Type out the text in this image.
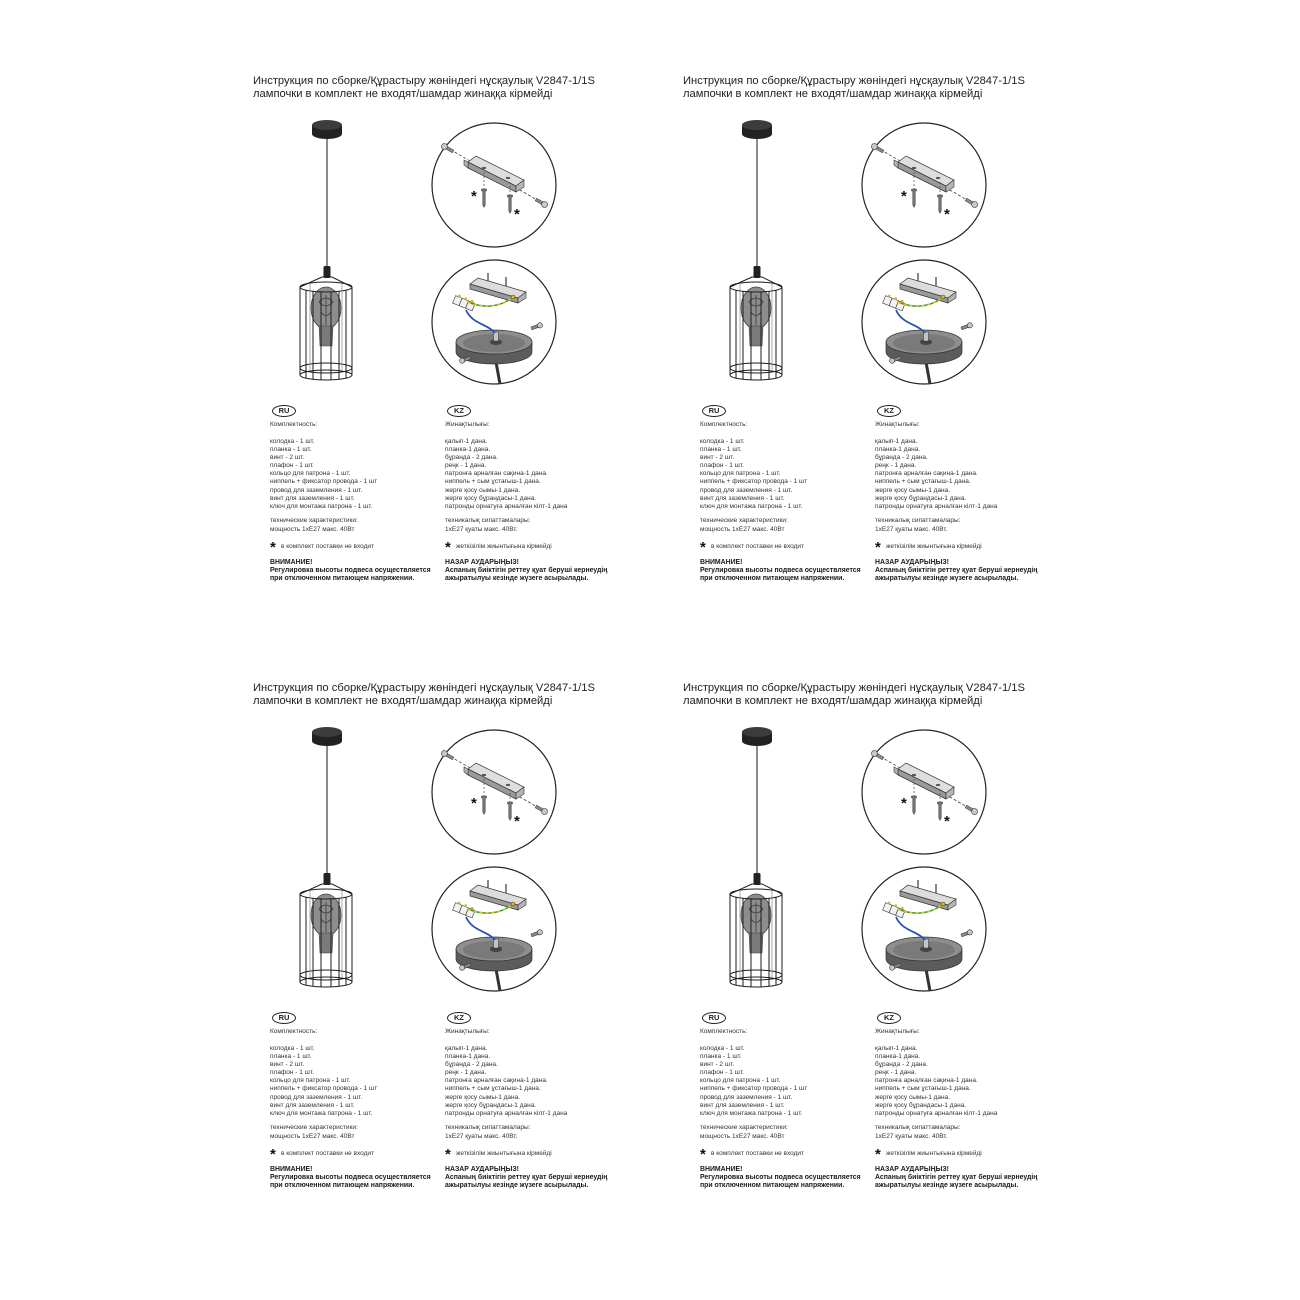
Инструкция по сборке/Құрастыру жөніндегі нұсқаулық V2847-1/1S
лампочки в комплект не входят/шамдар жинаққа кірмейді
*
*
RU
Комплектность:
колодка - 1 шт.
планка - 1 шт.
винт - 2 шт.
плафон - 1 шт.
кольцо для патрона - 1 шт.
ниппель + фиксатор провода - 1 шт
провод для заземления - 1 шт.
винт для заземления - 1 шт.
ключ для монтажа патрона - 1 шт.
технические характеристики:
мощность 1хЕ27 макс. 40Вт
* в комплект поставки не входит
ВНИМАНИЕ!
Регулировка высоты подвеса осуществляется
при отключенном питающем напряжении.
KZ
Жинақтылығы:
қалып-1 дана.
планка-1 дана.
бұранда - 2 дана.
реңк - 1 дана.
патронға арналған сақина-1 дана.
ниппель + сым ұстағыш-1 дана.
жерге қосу сымы-1 дана.
жерге қосу бұрандасы-1 дана.
патронды орнатуға арналған кілт-1 дана
техникалық сипаттамалары:
1хЕ27 қуаты макс. 40Вт.
* жеткізілім жиынтығына кірмейді
НАЗАР АУДАРЫҢЫЗ!
Аспаның биіктігін реттеу қуат беруші кернеудің
ажыратылуы кезінде жүзеге асырылады.
Инструкция по сборке/Құрастыру жөніндегі нұсқаулық V2847-1/1S
лампочки в комплект не входят/шамдар жинаққа кірмейді
*
*
RU
Комплектность:
колодка - 1 шт.
планка - 1 шт.
винт - 2 шт.
плафон - 1 шт.
кольцо для патрона - 1 шт.
ниппель + фиксатор провода - 1 шт
провод для заземления - 1 шт.
винт для заземления - 1 шт.
ключ для монтажа патрона - 1 шт.
технические характеристики:
мощность 1хЕ27 макс. 40Вт
* в комплект поставки не входит
ВНИМАНИЕ!
Регулировка высоты подвеса осуществляется
при отключенном питающем напряжении.
KZ
Жинақтылығы:
қалып-1 дана.
планка-1 дана.
бұранда - 2 дана.
реңк - 1 дана.
патронға арналған сақина-1 дана.
ниппель + сым ұстағыш-1 дана.
жерге қосу сымы-1 дана.
жерге қосу бұрандасы-1 дана.
патронды орнатуға арналған кілт-1 дана
техникалық сипаттамалары:
1хЕ27 қуаты макс. 40Вт.
* жеткізілім жиынтығына кірмейді
НАЗАР АУДАРЫҢЫЗ!
Аспаның биіктігін реттеу қуат беруші кернеудің
ажыратылуы кезінде жүзеге асырылады.
Инструкция по сборке/Құрастыру жөніндегі нұсқаулық V2847-1/1S
лампочки в комплект не входят/шамдар жинаққа кірмейді
*
*
RU
Комплектность:
колодка - 1 шт.
планка - 1 шт.
винт - 2 шт.
плафон - 1 шт.
кольцо для патрона - 1 шт.
ниппель + фиксатор провода - 1 шт
провод для заземления - 1 шт.
винт для заземления - 1 шт.
ключ для монтажа патрона - 1 шт.
технические характеристики:
мощность 1хЕ27 макс. 40Вт
* в комплект поставки не входит
ВНИМАНИЕ!
Регулировка высоты подвеса осуществляется
при отключенном питающем напряжении.
KZ
Жинақтылығы:
қалып-1 дана.
планка-1 дана.
бұранда - 2 дана.
реңк - 1 дана.
патронға арналған сақина-1 дана.
ниппель + сым ұстағыш-1 дана.
жерге қосу сымы-1 дана.
жерге қосу бұрандасы-1 дана.
патронды орнатуға арналған кілт-1 дана
техникалық сипаттамалары:
1хЕ27 қуаты макс. 40Вт.
* жеткізілім жиынтығына кірмейді
НАЗАР АУДАРЫҢЫЗ!
Аспаның биіктігін реттеу қуат беруші кернеудің
ажыратылуы кезінде жүзеге асырылады.
Инструкция по сборке/Құрастыру жөніндегі нұсқаулық V2847-1/1S
лампочки в комплект не входят/шамдар жинаққа кірмейді
*
*
RU
Комплектность:
колодка - 1 шт.
планка - 1 шт.
винт - 2 шт.
плафон - 1 шт.
кольцо для патрона - 1 шт.
ниппель + фиксатор провода - 1 шт
провод для заземления - 1 шт.
винт для заземления - 1 шт.
ключ для монтажа патрона - 1 шт.
технические характеристики:
мощность 1хЕ27 макс. 40Вт
* в комплект поставки не входит
ВНИМАНИЕ!
Регулировка высоты подвеса осуществляется
при отключенном питающем напряжении.
KZ
Жинақтылығы:
қалып-1 дана.
планка-1 дана.
бұранда - 2 дана.
реңк - 1 дана.
патронға арналған сақина-1 дана.
ниппель + сым ұстағыш-1 дана.
жерге қосу сымы-1 дана.
жерге қосу бұрандасы-1 дана.
патронды орнатуға арналған кілт-1 дана
техникалық сипаттамалары:
1хЕ27 қуаты макс. 40Вт.
* жеткізілім жиынтығына кірмейді
НАЗАР АУДАРЫҢЫЗ!
Аспаның биіктігін реттеу қуат беруші кернеудің
ажыратылуы кезінде жүзеге асырылады.
